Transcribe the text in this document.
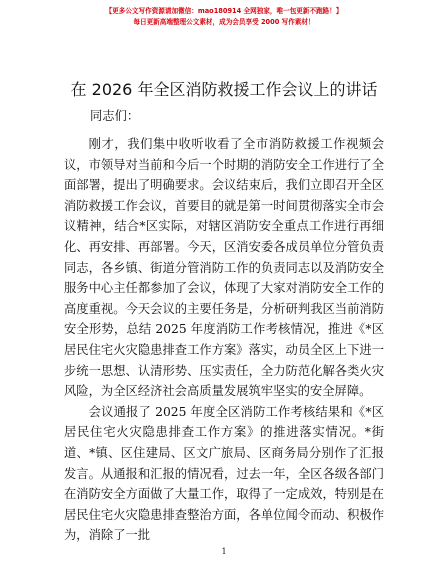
【更多公文写作资源请加微信：mao180914 全网独家，唯一包更新不跑路！】
每日更新高端整理公文素材，成为会员享受 2000 写作素材！
在 2026 年全区消防救援工作会议上的讲话
同志们：

刚才，我们集中收听收看了全市消防救援工作视频会议，市领导对当前和今后一个时期的消防安全工作进行了全面部署，提出了明确要求。会议结束后，我们立即召开全区消防救援工作会议，首要目的就是第一时间贯彻落实全市会议精神，结合*区实际，对辖区消防安全重点工作进行再细化、再安排、再部署。今天，区消安委各成员单位分管负责同志，各乡镇、街道分管消防工作的负责同志以及消防安全服务中心主任都参加了会议，体现了大家对消防安全工作的高度重视。今天会议的主要任务是，分析研判我区当前消防安全形势，总结 2025 年度消防工作考核情况，推进《*区居民住宅火灾隐患排查工作方案》落实，动员全区上下进一步统一思想、认清形势、压实责任，全力防范化解各类火灾风险，为全区经济社会高质量发展筑牢坚实的安全屏障。

会议通报了 2025 年度全区消防工作考核结果和《*区居民住宅火灾隐患排查工作方案》的推进落实情况。*街道、*镇、区住建局、区文广旅局、区商务局分别作了汇报发言。从通报和汇报的情况看，过去一年，全区各级各部门在消防安全方面做了大量工作，取得了一定成效，特别是在居民住宅火灾隐患排查整治方面，各单位闻令而动、积极作为，消除了一批

1
